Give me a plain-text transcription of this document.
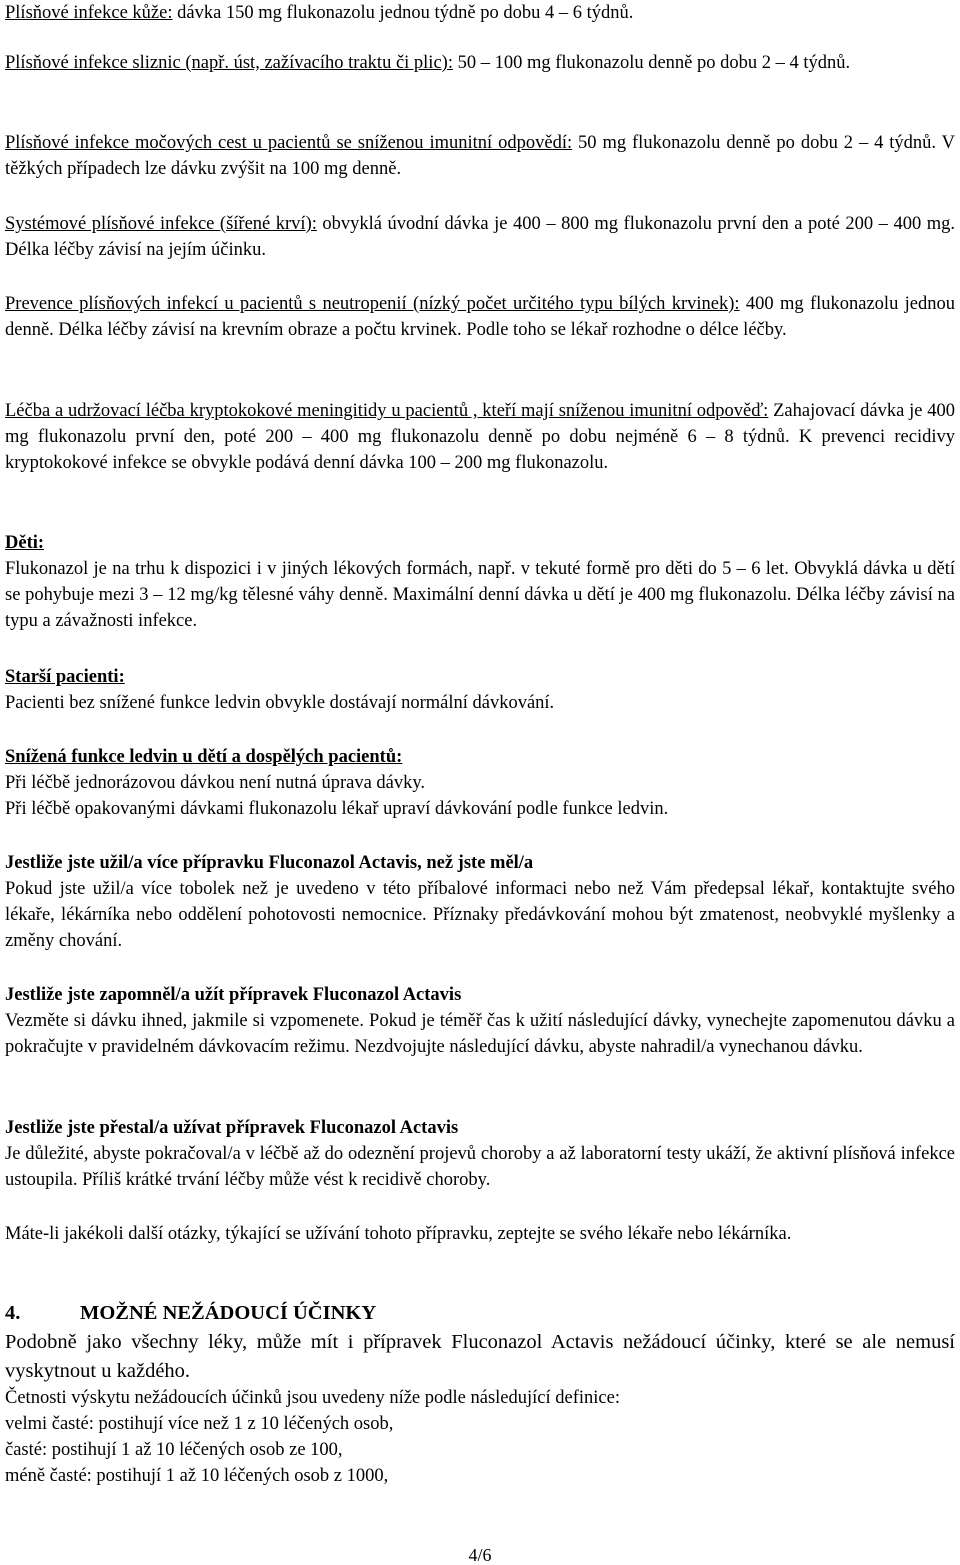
Plísňové infekce kůže: dávka 150 mg flukonazolu jednou týdně po dobu 4 – 6 týdnů.

Plísňové infekce sliznic (např. úst, zažívacího traktu či plic): 50 – 100 mg flukonazolu denně po dobu 2 – 4 týdnů.

Plísňové infekce močových cest u pacientů se sníženou imunitní odpovědí: 50 mg flukonazolu denně po dobu 2 – 4 týdnů. V těžkých případech lze dávku zvýšit na 100 mg denně.

Systémové plísňové infekce (šířené krví): obvyklá úvodní dávka je 400 – 800 mg flukonazolu první den a poté 200 – 400 mg. Délka léčby závisí na jejím účinku.

Prevence plísňových infekcí u pacientů s neutropenií (nízký počet určitého typu bílých krvinek): 400 mg flukonazolu jednou denně. Délka léčby závisí na krevním obraze a počtu krvinek. Podle toho se lékař rozhodne o délce léčby.

Léčba a udržovací léčba kryptokokové meningitidy u pacientů , kteří mají sníženou imunitní odpověď: Zahajovací dávka je 400 mg flukonazolu první den, poté 200 – 400 mg flukonazolu denně po dobu nejméně 6 – 8 týdnů. K prevenci recidivy kryptokokové infekce se obvykle podává denní dávka 100 – 200 mg flukonazolu.

Děti:
Flukonazol je na trhu k dispozici i v jiných lékových formách, např. v tekuté formě pro děti do 5 – 6 let. Obvyklá dávka u dětí se pohybuje mezi 3 – 12 mg/kg tělesné váhy denně. Maximální denní dávka u dětí je 400 mg flukonazolu. Délka léčby závisí na typu a závažnosti infekce.
Starší pacienti:
Pacienti bez snížené funkce ledvin obvykle dostávají normální dávkování.
Snížená funkce ledvin u dětí a dospělých pacientů:
Při léčbě jednorázovou dávkou není nutná úprava dávky.
Při léčbě opakovanými dávkami flukonazolu lékař upraví dávkování podle funkce ledvin.
Jestliže jste užil/a více přípravku Fluconazol Actavis, než jste měl/a
Pokud jste užil/a více tobolek než je uvedeno v této příbalové informaci nebo než Vám předepsal lékař, kontaktujte svého lékaře, lékárníka nebo oddělení pohotovosti nemocnice. Příznaky předávkování mohou být zmatenost, neobvyklé myšlenky a změny chování.
Jestliže jste zapomněl/a užít přípravek Fluconazol Actavis
Vezměte si dávku ihned, jakmile si vzpomenete. Pokud je téměř čas k užití následující dávky, vynechejte zapomenutou dávku a pokračujte v pravidelném dávkovacím režimu. Nezdvojujte následující dávku, abyste nahradil/a vynechanou dávku.
Jestliže jste přestal/a užívat přípravek Fluconazol Actavis
Je důležité, abyste pokračoval/a v léčbě až do odeznění projevů choroby a až laboratorní testy ukáží, že aktivní plísňová infekce ustoupila. Příliš krátké trvání léčby může vést k recidivě choroby.

Máte-li jakékoli další otázky, týkající se užívání tohoto přípravku, zeptejte se svého lékaře nebo lékárníka.

4.	MOŽNÉ NEŽÁDOUCÍ ÚČINKY

Podobně jako všechny léky, může mít i přípravek Fluconazol Actavis nežádoucí účinky, které se ale nemusí vyskytnout u každého.

Četnosti výskytu nežádoucích účinků jsou uvedeny níže podle následující definice:
velmi časté: postihují více než 1 z 10 léčených osob,
časté: postihují 1 až 10 léčených osob ze 100,
méně časté: postihují 1 až 10 léčených osob z 1000,
4/6
